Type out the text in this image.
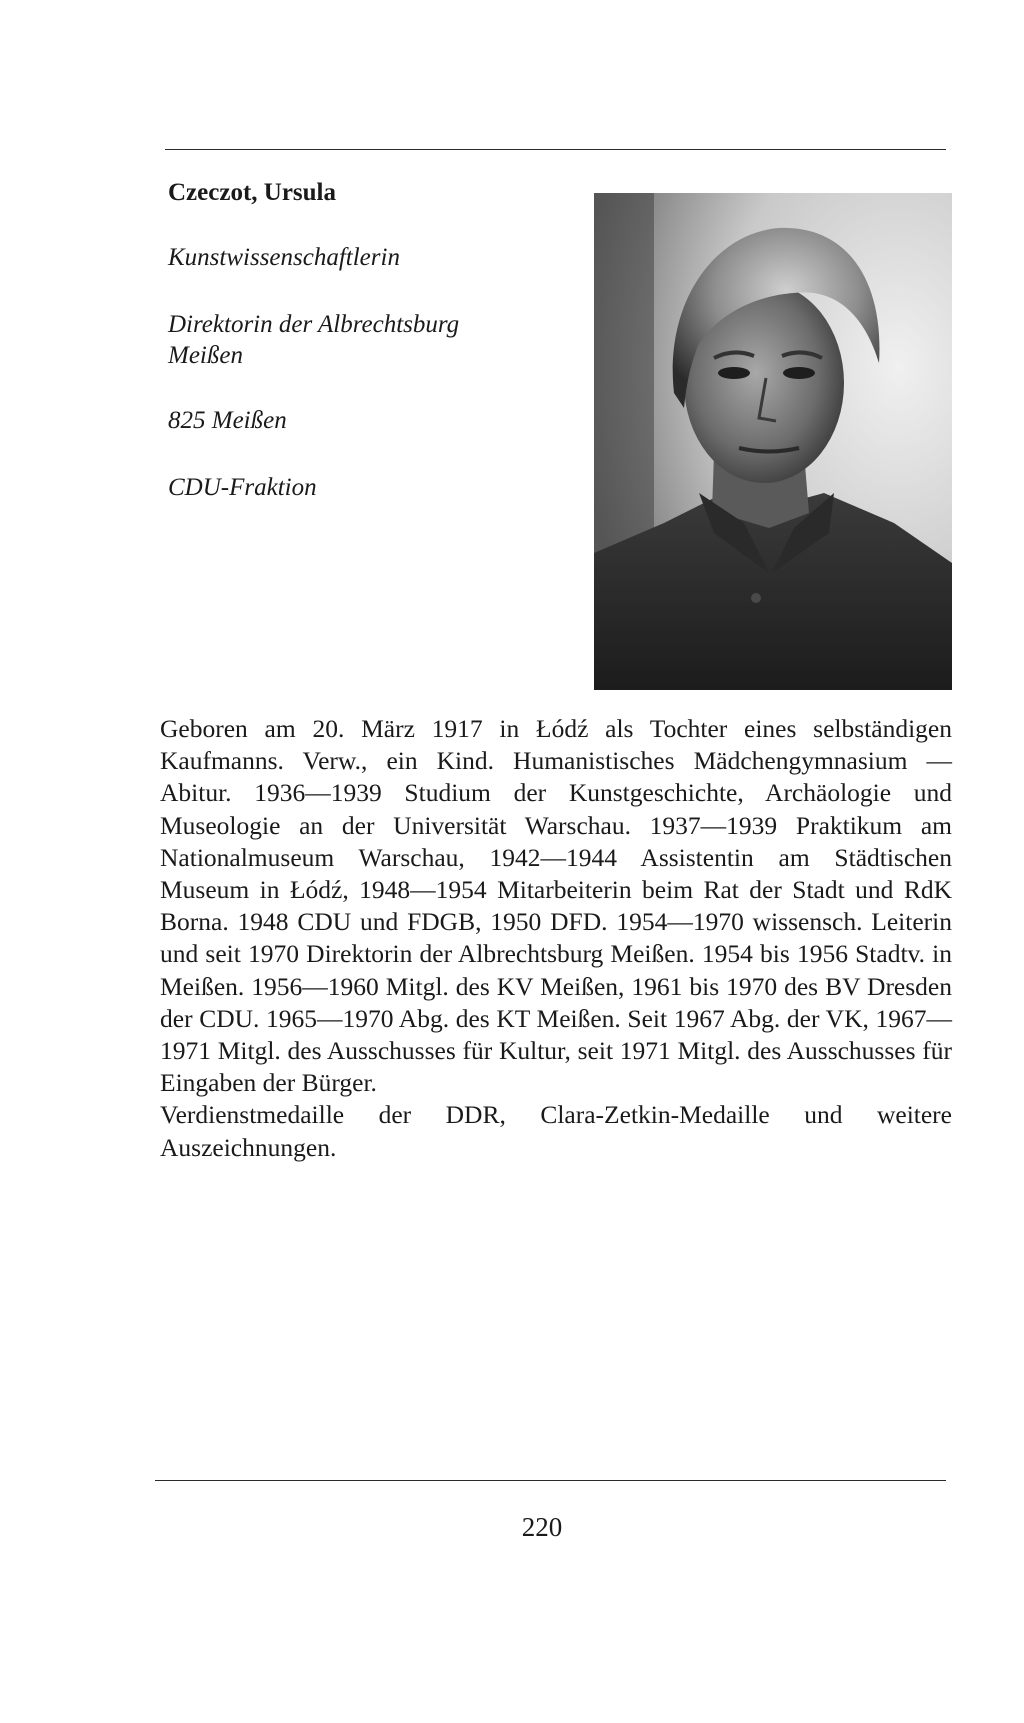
Czeczot, Ursula
Kunstwissenschaftlerin
Direktorin der Albrechtsburg
Meißen
825 Meißen
CDU-Fraktion

Geboren am 20. März 1917 in Łódź als Tochter eines selbständigen Kaufmanns. Verw., ein Kind. Humanistisches Mädchengymnasium — Abitur. 1936—1939 Studium der Kunstgeschichte, Archäologie und Museologie an der Universität Warschau. 1937—1939 Praktikum am Nationalmuseum Warschau, 1942—1944 Assistentin am Städtischen Museum in Łódź, 1948—1954 Mitarbeiterin beim Rat der Stadt und RdK Borna. 1948 CDU und FDGB, 1950 DFD. 1954—1970 wissensch. Leiterin und seit 1970 Direktorin der Albrechtsburg Meißen. 1954 bis 1956 Stadtv. in Meißen. 1956—1960 Mitgl. des KV Meißen, 1961 bis 1970 des BV Dresden der CDU. 1965—1970 Abg. des KT Meißen. Seit 1967 Abg. der VK, 1967—1971 Mitgl. des Ausschusses für Kultur, seit 1971 Mitgl. des Ausschusses für Eingaben der Bürger.

Verdienstmedaille der DDR, Clara-Zetkin-Medaille und weitere Auszeichnungen.

220
